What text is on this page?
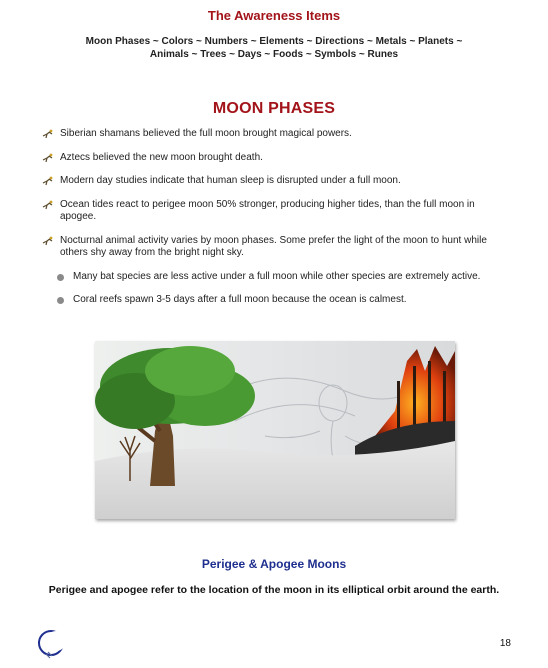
The Awareness Items
Moon Phases ~ Colors ~ Numbers ~ Elements ~ Directions ~ Metals ~ Planets ~
Animals ~ Trees ~ Days ~ Foods ~ Symbols ~ Runes
MOON PHASES
Siberian shamans believed the full moon brought magical powers.
Aztecs believed the new moon brought death.
Modern day studies indicate that human sleep is disrupted under a full moon.
Ocean tides react to perigee moon 50% stronger, producing higher tides, than the full moon in apogee.
Nocturnal animal activity varies by moon phases. Some prefer the light of the moon to hunt while others shy away from the bright night sky.
Many bat species are less active under a full moon while other species are extremely active.
Coral reefs spawn 3-5 days after a full moon because the ocean is calmest.
Perigee & Apogee Moons
Perigee and apogee refer to the location of the moon in its elliptical orbit around the earth.
18
